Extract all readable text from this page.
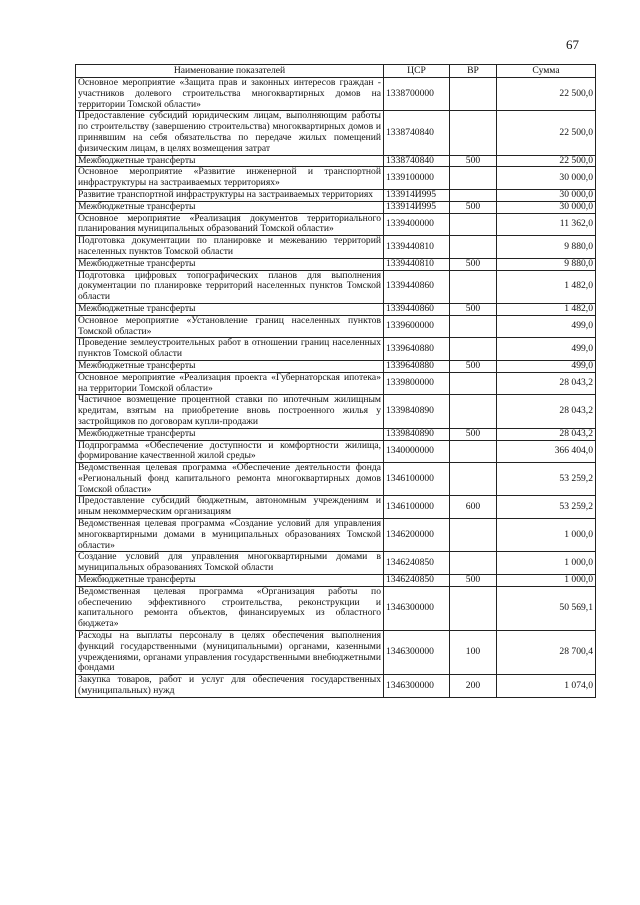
67
Наименование показателей	ЦСР	ВР	Сумма
Основное мероприятие «Защита прав и законных интересов граждан - участников долевого строительства многоквартирных домов на территории Томской области»	1338700000		22 500,0
Предоставление субсидий юридическим лицам, выполняющим работы по строительству (завершению строительства) многоквартирных домов и принявшим на себя обязательства по передаче жилых помещений физическим лицам, в целях возмещения затрат	1338740840		22 500,0
Межбюджетные трансферты	1338740840	500	22 500,0
Основное мероприятие «Развитие инженерной и транспортной инфраструктуры на застраиваемых территориях»	1339100000		30 000,0
Развитие транспортной инфраструктуры на застраиваемых территориях	133914И995		30 000,0
Межбюджетные трансферты	133914И995	500	30 000,0
Основное мероприятие «Реализация документов территориального планирования муниципальных образований Томской области»	1339400000		11 362,0
Подготовка документации по планировке и межеванию территорий населенных пунктов Томской области	1339440810		9 880,0
Межбюджетные трансферты	1339440810	500	9 880,0
Подготовка цифровых топографических планов для выполнения документации по планировке территорий населенных пунктов Томской области	1339440860		1 482,0
Межбюджетные трансферты	1339440860	500	1 482,0
Основное мероприятие «Установление границ населенных пунктов Томской области»	1339600000		499,0
Проведение землеустроительных работ в отношении границ населенных пунктов Томской области	1339640880		499,0
Межбюджетные трансферты	1339640880	500	499,0
Основное мероприятие «Реализация проекта «Губернаторская ипотека» на территории Томской области»	1339800000		28 043,2
Частичное возмещение процентной ставки по ипотечным жилищным кредитам, взятым на приобретение вновь построенного жилья у застройщиков по договорам купли-продажи	1339840890		28 043,2
Межбюджетные трансферты	1339840890	500	28 043,2
Подпрограмма «Обеспечение доступности и комфортности жилища, формирование качественной жилой среды»	1340000000		366 404,0
Ведомственная целевая программа «Обеспечение деятельности фонда «Региональный фонд капитального ремонта многоквартирных домов Томской области»	1346100000		53 259,2
Предоставление субсидий бюджетным, автономным учреждениям и иным некоммерческим организациям	1346100000	600	53 259,2
Ведомственная целевая программа «Создание условий для управления многоквартирными домами в муниципальных образованиях Томской области»	1346200000		1 000,0
Создание условий для управления многоквартирными домами в муниципальных образованиях Томской области	1346240850		1 000,0
Межбюджетные трансферты	1346240850	500	1 000,0
Ведомственная целевая программа «Организация работы по обеспечению эффективного строительства, реконструкции и капитального ремонта объектов, финансируемых из областного бюджета»	1346300000		50 569,1
Расходы на выплаты персоналу в целях обеспечения выполнения функций государственными (муниципальными) органами, казенными учреждениями, органами управления государственными внебюджетными фондами	1346300000	100	28 700,4
Закупка товаров, работ и услуг для обеспечения государственных (муниципальных) нужд	1346300000	200	1 074,0
